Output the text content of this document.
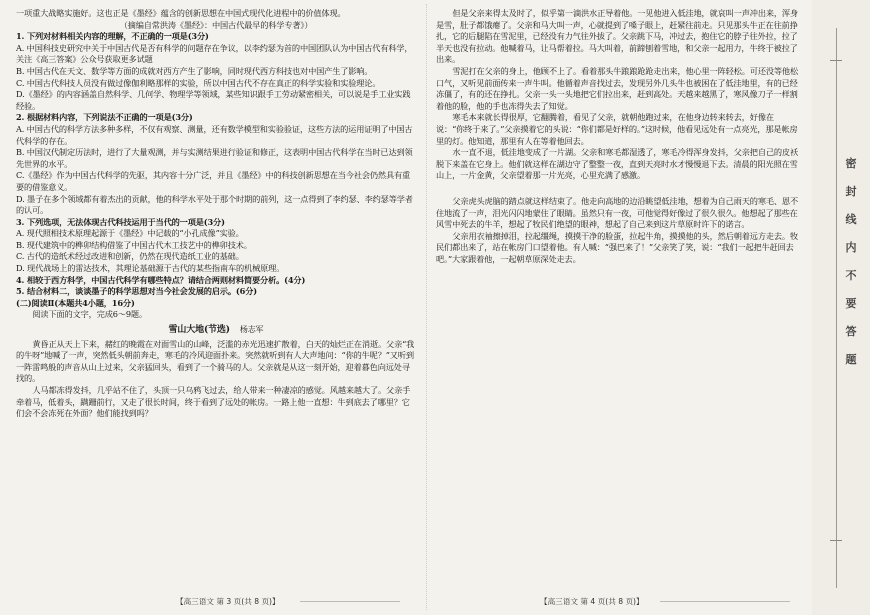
一项重大战略实施好。这也正是《墨经》蕴含的创新思想在中国式现代化进程中的价值体现。

（摘编自常洪涛《墨经》：中国古代最早的科学专著》）

1. 下列对材料相关内容的理解，不正确的一项是(3分)

A. 中国科技史研究中关于中国古代是否有科学的问题存在争议，以李约瑟为首的中国团队认为中国古代有科学，关注《高三答案》公众号获取更多试题

B. 中国古代在天文、数学等方面的成就对西方产生了影响，同时现代西方科技也对中国产生了影响。

C. 中国古代科技人员没有做过像伽利略那样的实验，所以中国古代不存在真正的科学实验和实验理论。

D.《墨经》的内容涵盖自然科学、几何学、物理学等领域，某些知识跟手工劳动紧密相关，可以说是手工业实践经验。

2. 根据材料内容，下列说法不正确的一项是(3分)

A. 中国古代的科学方法多种多样，不仅有观察、测量，还有数学模型和实验验证，这些方法的运用证明了中国古代科学的存在。

B. 中国汉代制定历法时，进行了大量观测，并与实测结果进行验证和修正，这表明中国古代科学在当时已达到领先世界的水平。

C.《墨经》作为中国古代科学的先驱，其内容十分广泛，并且《墨经》中的科技创新思想在当今社会仍然具有重要的借鉴意义。

D. 墨子在多个领域都有着杰出的贡献，他的科学水平处于那个时期的前列，这一点得到了李约瑟、李约瑟等学者的认可。

3. 下列选项，无法体现古代科技运用于当代的一项是(3分)

A. 现代照相技术原理起源于《墨经》中记载的“小孔成像”实验。

B. 现代建筑中的榫卯结构借鉴了中国古代木工技艺中的榫卯技术。

C. 古代的造纸术经过改进和创新，仍然在现代造纸工业的基础。

D. 现代战场上的雷达技术，其理论基础源于古代的某些指南车的机械原理。

4. 相较于西方科学，中国古代科学有哪些特点？请结合两则材料简要分析。(4分)

5. 结合材料二，谈谈墨子的科学思想对当今社会发展的启示。(6分)

(二)阅读Ⅱ(本题共4小题，16分)

阅读下面的文字，完成6～9题。

雪山大地(节选) 杨志军

黄昏正从天上下来，赭红的晚霞在对面雪山的山峰，泛滥的赤光迅速扩散着，白天的灿烂正在消逝。父亲“我的牛呀”地喊了一声，突然低头朝前奔走，寒毛的冷风迎面扑来。突然就听到有人大声地问：“你的牛呢？”又听到一阵雷鸣般的声音从山上过来，父亲猛回头，看到了一个骑马的人。父亲就是从这一刻开始，迎着暮色向远处寻找的。

人马都冻得发抖，几乎站不住了，头顶一只乌鸦飞过去，给人带来一种凄凉的感觉。风越来越大了。父亲手牵着马，低着头，蹒跚前行，又走了很长时间，终于看到了远处的帐房。一路上他一直想：牛到底去了哪里？它们会不会冻死在外面？他们能找到吗？

但是父亲来得太及时了，似乎第一滴洪水正导着他。一见他进入低洼地，就哀叫一声冲出来，浑身是雪，肚子都饿瘪了。父亲和马大叫一声，心就提到了嗓子眼上，赶紧往前走。只见那头牛正在往前挣扎，它的后腿陷在雪泥里，已经没有力气往外拔了。父亲跳下马，冲过去，抱住它的脖子往外拉，拉了半天也没有拉动。他喊着马，让马帮着拉。马大叫着，前蹄刨着雪地，和父亲一起用力，牛终于被拉了出来。

雪泥打在父亲的身上，他顾不上了。看着那头牛踉踉跄跄走出来，他心里一阵轻松。可还没等他松口气，又听见前面传来一声牛叫。他循着声音找过去，发现另外几头牛也被困在了低洼地里，有的已经冻僵了，有的还在挣扎。父亲一头一头地把它们拉出来，赶到高处。天越来越黑了，寒风像刀子一样割着他的脸，他的手也冻得失去了知觉。

寒毛本来就长得很厚，它翻腾着，看见了父亲，就朝他跑过来，在他身边转来转去，好像在说：“你终于来了。”父亲摸着它的头说：“你们都是好样的。”这时候，他看见远处有一点亮光，那是帐房里的灯。他知道，那里有人在等着他回去。

水一直不退，低洼地变成了一片湖。父亲和寒毛都湿透了，寒毛冷得浑身发抖，父亲把自己的皮袄脱下来盖在它身上。他们就这样在湖边守了整整一夜，直到天亮时水才慢慢退下去。清晨的阳光照在雪山上，一片金黄，父亲望着那一片光亮，心里充满了感激。

父亲虎头虎脑的踏点就这样结束了。他走向高地的边沿眺望低洼地，想着为自己雨天的寒毛、恩不住地流了一声，泪光闪闪地蒙住了眼睛。虽然只有一夜，可他觉得好像过了很久很久。他想起了那些在风雪中死去的牛羊，想起了牧民们绝望的眼神，想起了自己来到这片草原时许下的诺言。

父亲用衣袖擦掉泪，拉起缰绳，摸摸干净的脸蛋，拉起牛角，摸摸他的头，然后朝着远方走去。牧民们都出来了，站在帐房门口望着他。有人喊：“强巴来了！”父亲笑了笑，说：“我们一起把牛赶回去吧。”大家跟着他，一起朝草原深处走去。

【高三语文 第 3 页(共 8 页)】	【高三语文 第 4 页(共 8 页)】
密
封
线
内
不
要
答
题
